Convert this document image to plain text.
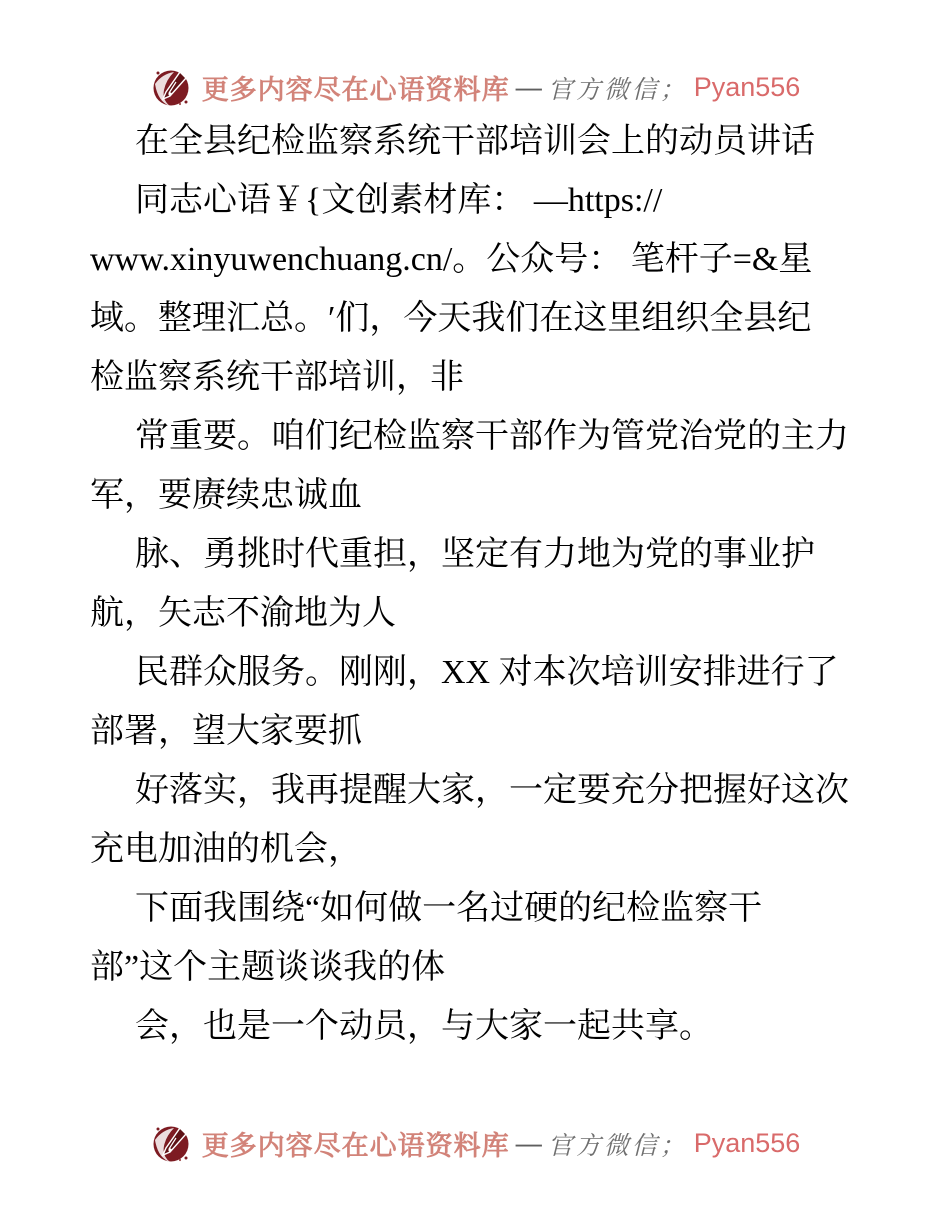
更多内容尽在心语资料库 — 官方微信； Pyan556
在全县纪检监察系统干部培训会上的动员讲话
同志心语￥{文创素材库： —https://
www.xinyuwenchuang.cn/。公众号： 笔杆子=&星
域。整理汇总。′们，今天我们在这里组织全县纪
检监察系统干部培训，非
常重要。咱们纪检监察干部作为管党治党的主力
军，要赓续忠诚血
脉、勇挑时代重担，坚定有力地为党的事业护
航，矢志不渝地为人
民群众服务。刚刚，XX 对本次培训安排进行了
部署，望大家要抓
好落实，我再提醒大家，一定要充分把握好这次
充电加油的机会，
下面我围绕“如何做一名过硬的纪检监察干
部”这个主题谈谈我的体
会，也是一个动员，与大家一起共享。
更多内容尽在心语资料库 — 官方微信； Pyan556
